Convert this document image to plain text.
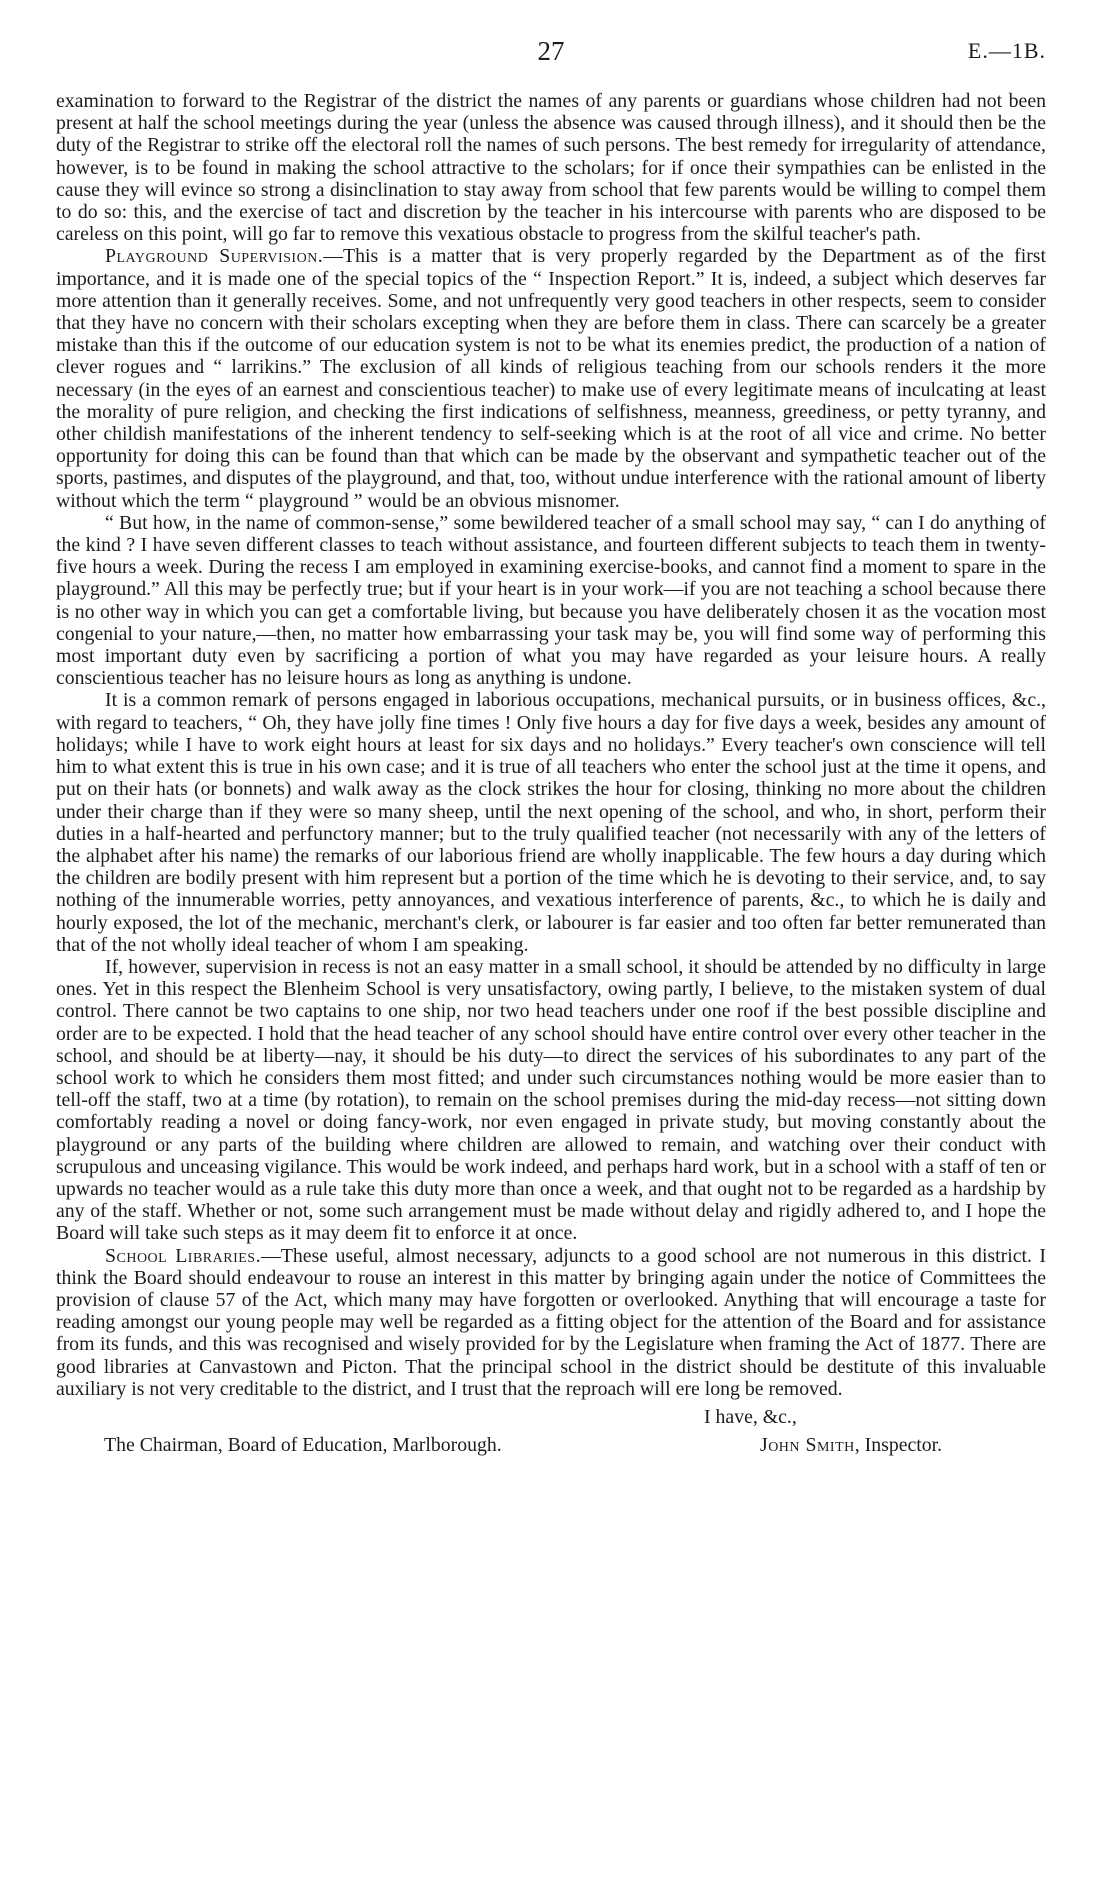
27	E.—1B.

examination to forward to the Registrar of the district the names of any parents or guardians whose children had not been present at half the school meetings during the year (unless the absence was caused through illness), and it should then be the duty of the Registrar to strike off the electoral roll the names of such persons. The best remedy for irregularity of attendance, however, is to be found in making the school attractive to the scholars; for if once their sympathies can be enlisted in the cause they will evince so strong a disinclination to stay away from school that few parents would be willing to compel them to do so: this, and the exercise of tact and discretion by the teacher in his intercourse with parents who are disposed to be careless on this point, will go far to remove this vexatious obstacle to progress from the skilful teacher's path.

Playground Supervision.—This is a matter that is very properly regarded by the Department as of the first importance, and it is made one of the special topics of the “ Inspection Report.” It is, indeed, a subject which deserves far more attention than it generally receives. Some, and not unfrequently very good teachers in other respects, seem to consider that they have no concern with their scholars excepting when they are before them in class. There can scarcely be a greater mistake than this if the outcome of our education system is not to be what its enemies predict, the production of a nation of clever rogues and “ larrikins.” The exclusion of all kinds of religious teaching from our schools renders it the more necessary (in the eyes of an earnest and conscientious teacher) to make use of every legitimate means of inculcating at least the morality of pure religion, and checking the first indications of selfishness, meanness, greediness, or petty tyranny, and other childish manifestations of the inherent tendency to self-seeking which is at the root of all vice and crime. No better opportunity for doing this can be found than that which can be made by the observant and sympathetic teacher out of the sports, pastimes, and disputes of the playground, and that, too, without undue interference with the rational amount of liberty without which the term “ playground ” would be an obvious misnomer.

“ But how, in the name of common-sense,” some bewildered teacher of a small school may say, “ can I do anything of the kind ? I have seven different classes to teach without assistance, and fourteen different subjects to teach them in twenty-five hours a week. During the recess I am employed in examining exercise-books, and cannot find a moment to spare in the playground.” All this may be perfectly true; but if your heart is in your work—if you are not teaching a school because there is no other way in which you can get a comfortable living, but because you have deliberately chosen it as the vocation most congenial to your nature,—then, no matter how embarrassing your task may be, you will find some way of performing this most important duty even by sacrificing a portion of what you may have regarded as your leisure hours. A really conscientious teacher has no leisure hours as long as anything is undone.

It is a common remark of persons engaged in laborious occupations, mechanical pursuits, or in business offices, &c., with regard to teachers, “ Oh, they have jolly fine times ! Only five hours a day for five days a week, besides any amount of holidays; while I have to work eight hours at least for six days and no holidays.” Every teacher's own conscience will tell him to what extent this is true in his own case; and it is true of all teachers who enter the school just at the time it opens, and put on their hats (or bonnets) and walk away as the clock strikes the hour for closing, thinking no more about the children under their charge than if they were so many sheep, until the next opening of the school, and who, in short, perform their duties in a half-hearted and perfunctory manner; but to the truly qualified teacher (not necessarily with any of the letters of the alphabet after his name) the remarks of our laborious friend are wholly inapplicable. The few hours a day during which the children are bodily present with him represent but a portion of the time which he is devoting to their service, and, to say nothing of the innumerable worries, petty annoyances, and vexatious interference of parents, &c., to which he is daily and hourly exposed, the lot of the mechanic, merchant's clerk, or labourer is far easier and too often far better remunerated than that of the not wholly ideal teacher of whom I am speaking.

If, however, supervision in recess is not an easy matter in a small school, it should be attended by no difficulty in large ones. Yet in this respect the Blenheim School is very unsatisfactory, owing partly, I believe, to the mistaken system of dual control. There cannot be two captains to one ship, nor two head teachers under one roof if the best possible discipline and order are to be expected. I hold that the head teacher of any school should have entire control over every other teacher in the school, and should be at liberty—nay, it should be his duty—to direct the services of his subordinates to any part of the school work to which he considers them most fitted; and under such circumstances nothing would be more easier than to tell-off the staff, two at a time (by rotation), to remain on the school premises during the mid-day recess—not sitting down comfortably reading a novel or doing fancy-work, nor even engaged in private study, but moving constantly about the playground or any parts of the building where children are allowed to remain, and watching over their conduct with scrupulous and unceasing vigilance. This would be work indeed, and perhaps hard work, but in a school with a staff of ten or upwards no teacher would as a rule take this duty more than once a week, and that ought not to be regarded as a hardship by any of the staff. Whether or not, some such arrangement must be made without delay and rigidly adhered to, and I hope the Board will take such steps as it may deem fit to enforce it at once.

School Libraries.—These useful, almost necessary, adjuncts to a good school are not numerous in this district. I think the Board should endeavour to rouse an interest in this matter by bringing again under the notice of Committees the provision of clause 57 of the Act, which many may have forgotten or overlooked. Anything that will encourage a taste for reading amongst our young people may well be regarded as a fitting object for the attention of the Board and for assistance from its funds, and this was recognised and wisely provided for by the Legislature when framing the Act of 1877. There are good libraries at Canvastown and Picton. That the principal school in the district should be destitute of this invaluable auxiliary is not very creditable to the district, and I trust that the reproach will ere long be removed.

I have, &c.,
The Chairman, Board of Education, Marlborough.	John Smith, Inspector.
